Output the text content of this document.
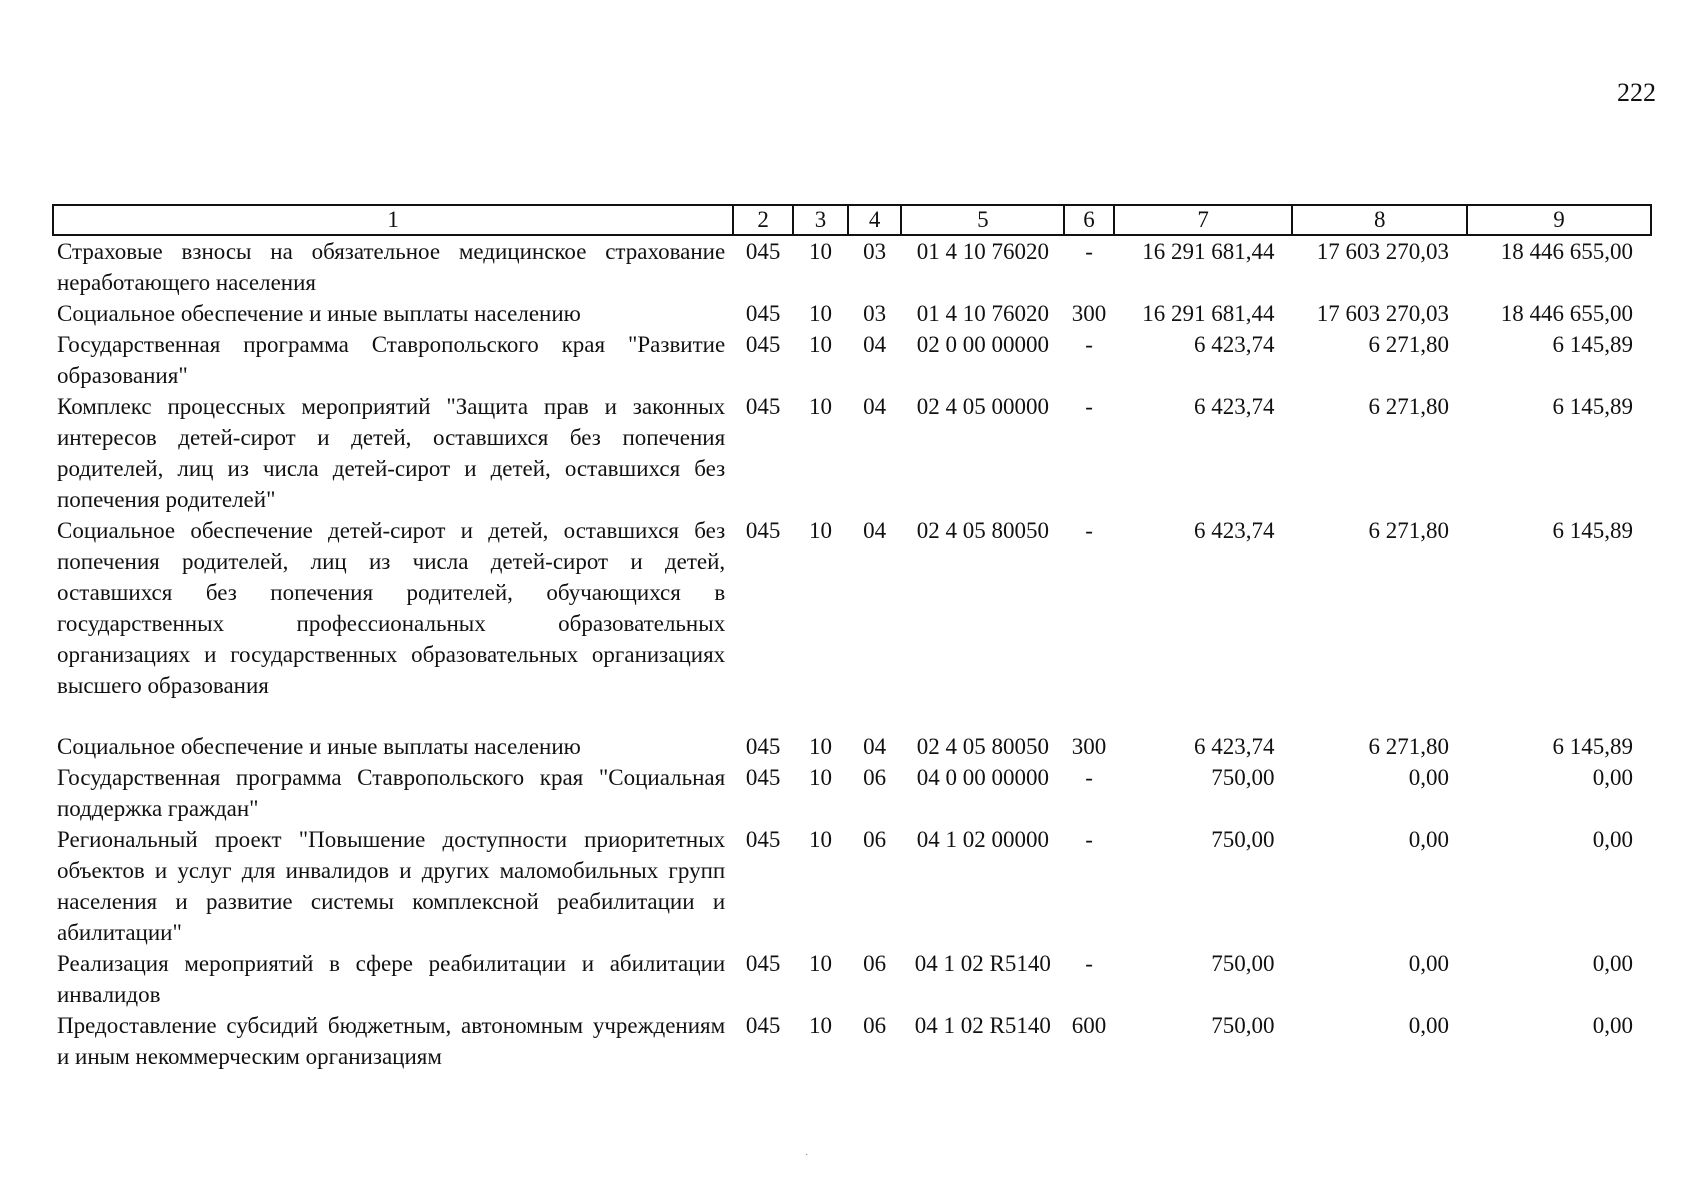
222
1	2	3	4	5	6	7	8	9
Страховые взносы на обязательное медицинское страхование неработающего населения	045	10	03	01 4 10 76020	-	16 291 681,44	17 603 270,03	18 446 655,00
Социальное обеспечение и иные выплаты населению	045	10	03	01 4 10 76020	300	16 291 681,44	17 603 270,03	18 446 655,00
Государственная программа Ставропольского края "Развитие образования"	045	10	04	02 0 00 00000	-	6 423,74	6 271,80	6 145,89
Комплекс процессных мероприятий "Защита прав и законных интересов детей-сирот и детей, оставшихся без попечения родителей, лиц из числа детей-сирот и детей, оставшихся без попечения родителей"	045	10	04	02 4 05 00000	-	6 423,74	6 271,80	6 145,89
Социальное обеспечение детей-сирот и детей, оставшихся без попечения родителей, лиц из числа детей-сирот и детей, оставшихся без попечения родителей, обучающихся в государственных профессиональных образовательных организациях и государственных образовательных организациях высшего образования	045	10	04	02 4 05 80050	-	6 423,74	6 271,80	6 145,89

Социальное обеспечение и иные выплаты населению	045	10	04	02 4 05 80050	300	6 423,74	6 271,80	6 145,89
Государственная программа Ставропольского края "Социальная поддержка граждан"	045	10	06	04 0 00 00000	-	750,00	0,00	0,00
Региональный проект "Повышение доступности приоритетных объектов и услуг для инвалидов и других маломобильных групп населения и развитие системы комплексной реабилитации и абилитации"	045	10	06	04 1 02 00000	-	750,00	0,00	0,00
Реализация мероприятий в сфере реабилитации и абилитации инвалидов	045	10	06	04 1 02 R5140	-	750,00	0,00	0,00
Предоставление субсидий бюджетным, автономным учреждениям и иным некоммерческим организациям	045	10	06	04 1 02 R5140	600	750,00	0,00	0,00
·
